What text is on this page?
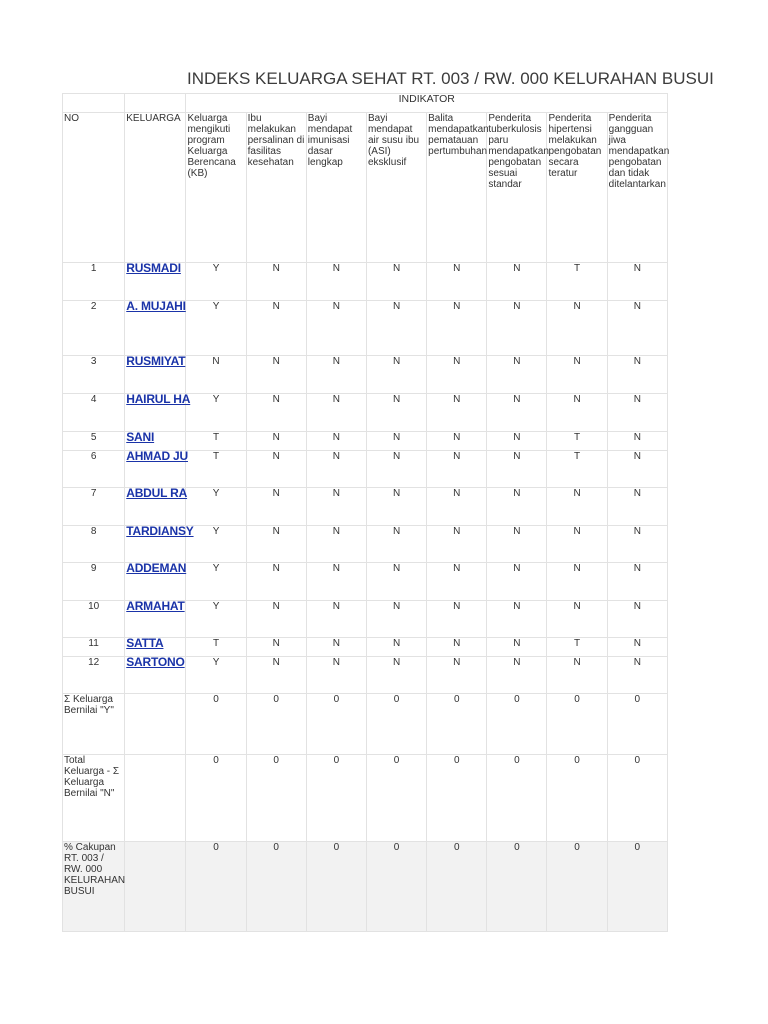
INDEKS KELUARGA SEHAT RT. 003 / RW. 000 KELURAHAN BUSUI
		INDIKATOR							
NO	KELUARGA	Keluarga mengikuti program Keluarga Berencana (KB)	Ibu melakukan persalinan di fasilitas kesehatan	Bayi mendapat imunisasi dasar lengkap	Bayi mendapat air susu ibu (ASI) eksklusif	Balita mendapatkan pematauan pertumbuhan	Penderita tuberkulosis paru mendapatkan pengobatan sesuai standar	Penderita hipertensi melakukan pengobatan secara teratur	Penderita gangguan jiwa mendapatkan pengobatan dan tidak ditelantarkan
1	RUSMADI	Y	N	N	N	N	N	T	N
2	A. MUJAHI	Y	N	N	N	N	N	N	N
3	RUSMIYAT	N	N	N	N	N	N	N	N
4	HAIRUL HA	Y	N	N	N	N	N	N	N
5	SANI	T	N	N	N	N	N	T	N
6	AHMAD JU	T	N	N	N	N	N	T	N
7	ABDUL RA	Y	N	N	N	N	N	N	N
8	TARDIANSY	Y	N	N	N	N	N	N	N
9	ADDEMAN	Y	N	N	N	N	N	N	N
10	ARMAHAT	Y	N	N	N	N	N	N	N
11	SATTA	T	N	N	N	N	N	T	N
12	SARTONO	Y	N	N	N	N	N	N	N
Σ Keluarga Bernilai "Y"		0	0	0	0	0	0	0	0
Total Keluarga - Σ Keluarga Bernilai "N"		0	0	0	0	0	0	0	0
% Cakupan RT. 003 / RW. 000 KELURAHAN BUSUI		0	0	0	0	0	0	0	0
